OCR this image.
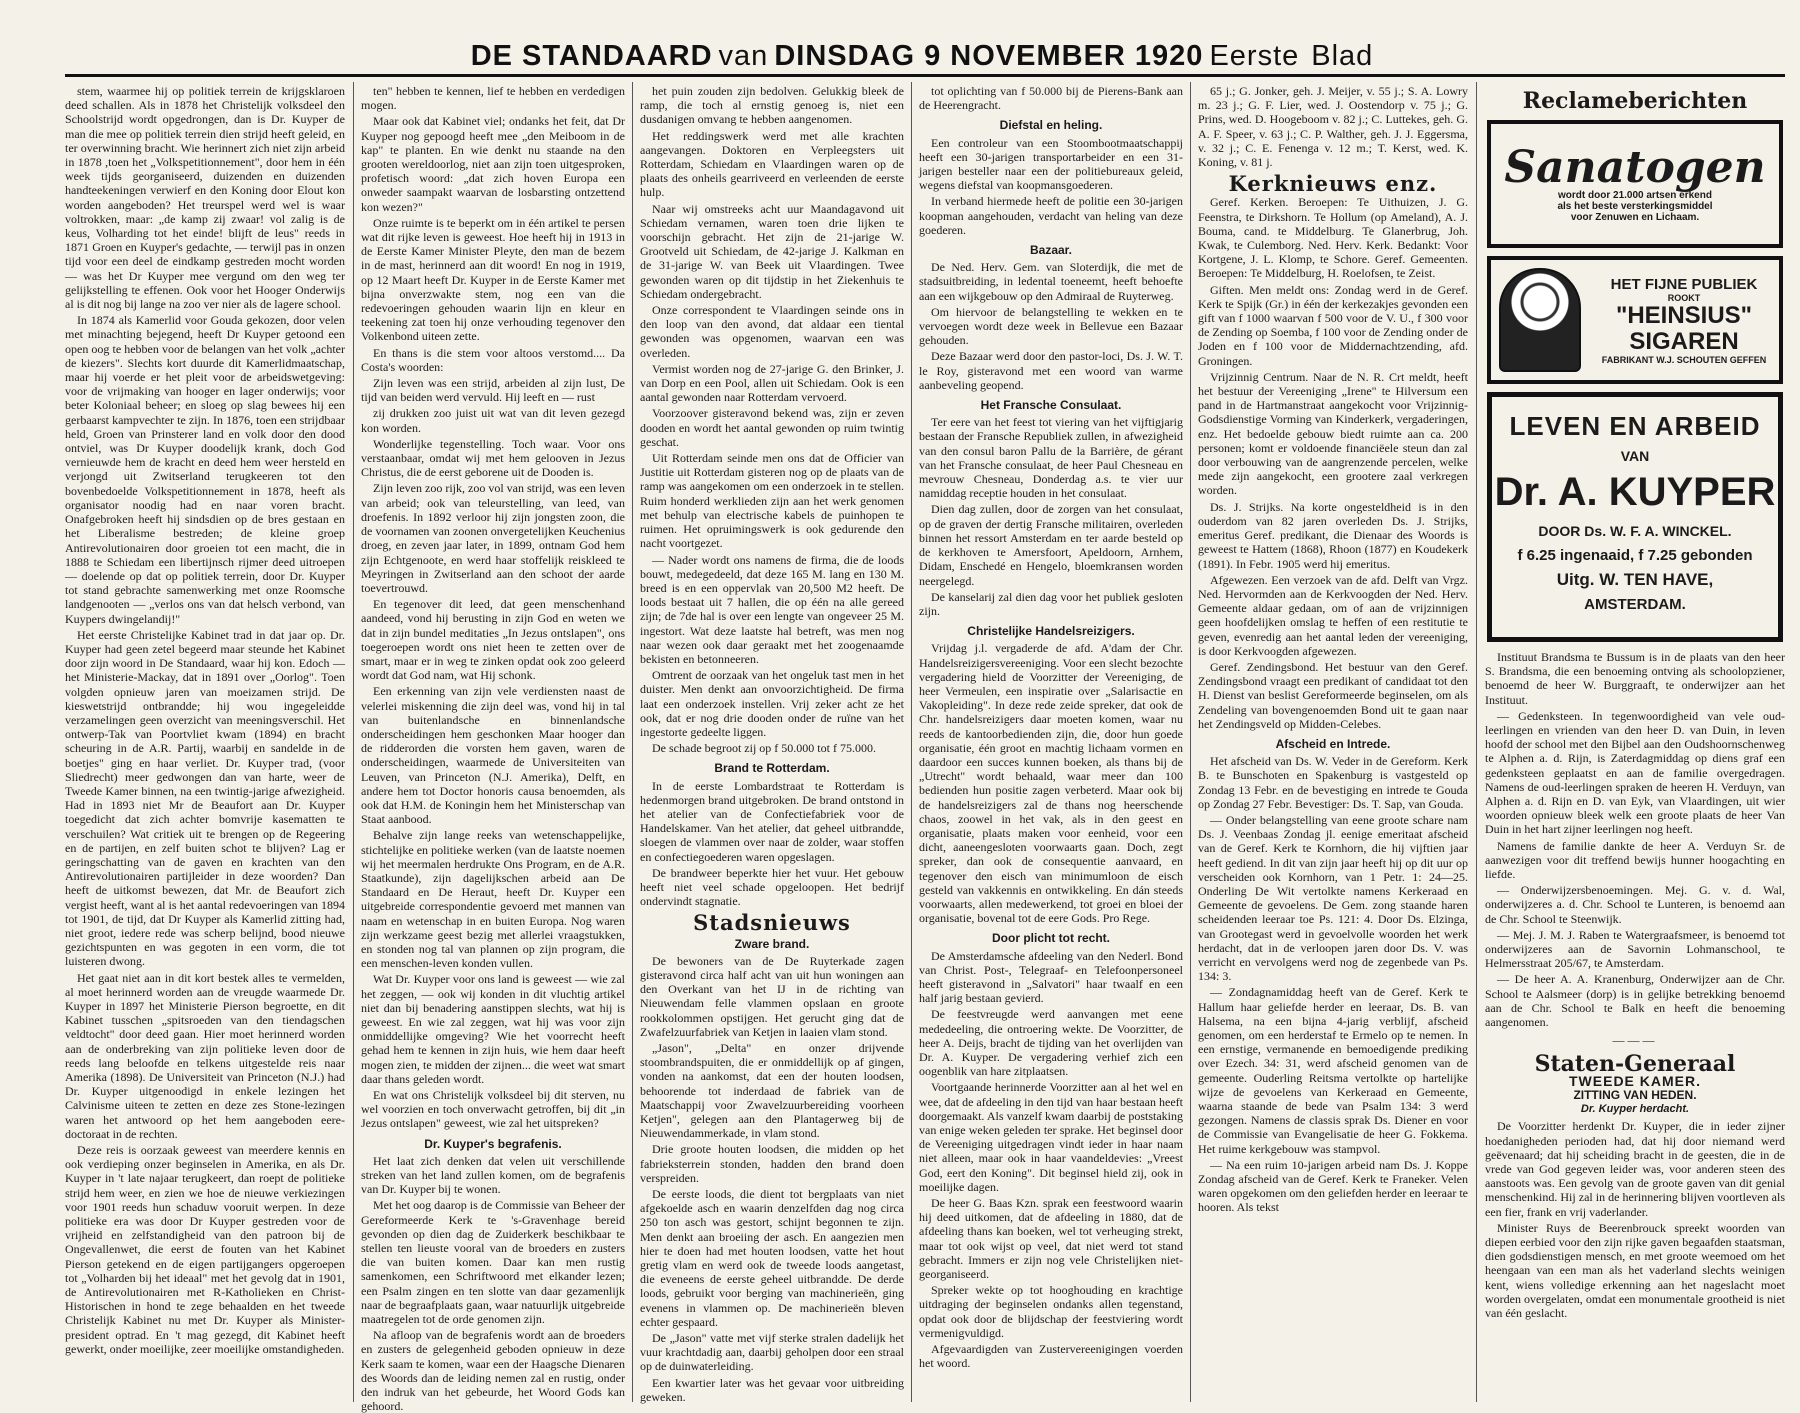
DE STANDAARD van DINSDAG 9 NOVEMBER 1920 Eerste Blad

stem, waarmee hij op politiek terrein de krijgsklaroen deed schallen. Als in 1878 het Christelijk volksdeel den Schoolstrijd wordt opgedrongen, dan is Dr. Kuyper de man die mee op politiek terrein dien strijd heeft geleid, en ter overwinning bracht. Wie herinnert zich niet zijn arbeid in 1878 ,toen het „Volkspetitionnement", door hem in één week tijds georganiseerd, duizenden en duizenden handteekeningen verwierf en den Koning door Elout kon worden aangeboden? Het treurspel werd wel is waar voltrokken, maar: „de kamp zij zwaar! vol zalig is de keus, Volharding tot het einde! blijft de leus" reeds in 1871 Groen en Kuyper's gedachte, — terwijl pas in onzen tijd voor een deel de eindkamp gestreden mocht worden — was het Dr Kuyper mee vergund om den weg ter gelijkstelling te effenen. Ook voor het Hooger Onderwijs al is dit nog bij lange na zoo ver nier als de lagere school.

In 1874 als Kamerlid voor Gouda gekozen, door velen met minachting bejegend, heeft Dr Kuyper getoond een open oog te hebben voor de belangen van het volk „achter de kiezers". Slechts kort duurde dit Kamerlidmaatschap, maar hij voerde er het pleit voor de arbeidswetgeving: voor de vrijmaking van hooger en lager onderwijs; voor beter Koloniaal beheer; en sloeg op slag bewees hij een gerbaarst kampvechter te zijn. In 1876, toen een strijdbaar held, Groen van Prinsterer land en volk door den dood ontviel, was Dr Kuyper doodelijk krank, doch God vernieuwde hem de kracht en deed hem weer hersteld en verjongd uit Zwitserland terugkeeren tot den bovenbedoelde Volkspetitionnement in 1878, heeft als organisator noodig had en naar voren bracht. Onafgebroken heeft hij sindsdien op de bres gestaan en het Liberalisme bestreden; de kleine groep Antirevolutionairen door groeien tot een macht, die in 1888 te Schiedam een libertijnsch rijmer deed uitroepen — doelende op dat op politiek terrein, door Dr. Kuyper tot stand gebrachte samenwerking met onze Roomsche landgenooten — „verlos ons van dat helsch verbond, van Kuypers dwingelandij!"

Het eerste Christelijke Kabinet trad in dat jaar op. Dr. Kuyper had geen zetel begeerd maar steunde het Kabinet door zijn woord in De Standaard, waar hij kon. Edoch — het Ministerie-Mackay, dat in 1891 over „Oorlog". Toen volgden opnieuw jaren van moeizamen strijd. De kieswetstrijd ontbrandde; hij wou ingegeleidde verzamelingen geen overzicht van meeningsverschil. Het ontwerp-Tak van Poortvliet kwam (1894) en bracht scheuring in de A.R. Partij, waarbij en sandelde in de boetjes" ging en haar verliet. Dr. Kuyper trad, (voor Sliedrecht) meer gedwongen dan van harte, weer de Tweede Kamer binnen, na een twintig-jarige afwezigheid. Had in 1893 niet Mr de Beaufort aan Dr. Kuyper toegedicht dat zich achter bomvrije kasematten te verschuilen? Wat critiek uit te brengen op de Regeering en de partijen, en zelf buiten schot te blijven? Lag er geringschatting van de gaven en krachten van den Antirevolutionairen partijleider in deze woorden? Dan heeft de uitkomst bewezen, dat Mr. de Beaufort zich vergist heeft, want al is het aantal redevoeringen van 1894 tot 1901, de tijd, dat Dr Kuyper als Kamerlid zitting had, niet groot, iedere rede was scherp belijnd, bood nieuwe gezichtspunten en was gegoten in een vorm, die tot luisteren dwong.

Het gaat niet aan in dit kort bestek alles te vermelden, al moet herinnerd worden aan de vreugde waarmede Dr. Kuyper in 1897 het Ministerie Pierson begroette, en dit Kabinet tusschen „spitsroeden van den tiendagschen veldtocht" door deed gaan. Hier moet herinnerd worden aan de onderbreking van zijn politieke leven door de reeds lang beloofde en telkens uitgestelde reis naar Amerika (1898). De Universiteit van Princeton (N.J.) had Dr. Kuyper uitgenoodigd in enkele lezingen het Calvinisme uiteen te zetten en deze zes Stone-lezingen waren het antwoord op het hem aangeboden eere-doctoraat in de rechten.

Deze reis is oorzaak geweest van meerdere kennis en ook verdieping onzer beginselen in Amerika, en als Dr. Kuyper in 't late najaar terugkeert, dan roept de politieke strijd hem weer, en zien we hoe de nieuwe verkiezingen voor 1901 reeds hun schaduw vooruit werpen. In deze politieke era was door Dr Kuyper gestreden voor de vrijheid en zelfstandigheid van den patroon bij de Ongevallenwet, die eerst de fouten van het Kabinet Pierson getekend en de eigen partijgangers opgeroepen tot „Volharden bij het ideaal" met het gevolg dat in 1901, de Antirevolutionairen met R-Katholieken en Christ-Historischen in hond te zege behaalden en het tweede Christelijk Kabinet nu met Dr. Kuyper als Minister-president optrad. En 't mag gezegd, dit Kabinet heeft gewerkt, onder moeilijke, zeer moeilijke omstandigheden.

ten" hebben te kennen, lief te hebben en verdedigen mogen.

Maar ook dat Kabinet viel; ondanks het feit, dat Dr Kuyper nog gepoogd heeft mee „den Meiboom in de kap" te planten. En wie denkt nu staande na den grooten wereldoorlog, niet aan zijn toen uitgesproken, profetisch woord: „dat zich hoven Europa een onweder saampakt waarvan de losbarsting ontzettend kon wezen?"

Onze ruimte is te beperkt om in één artikel te persen wat dit rijke leven is geweest. Hoe heeft hij in 1913 in de Eerste Kamer Minister Pleyte, den man de bezem in de mast, herinnerd aan dit woord! En nog in 1919, op 12 Maart heeft Dr. Kuyper in de Eerste Kamer met bijna onverzwakte stem, nog een van die redevoeringen gehouden waarin lijn en kleur en teekening zat toen hij onze verhouding tegenover den Volkenbond uiteen zette.

En thans is die stem voor altoos verstomd.... Da Costa's woorden:

Zijn leven was een strijd, arbeiden al zijn lust, De tijd van beiden werd vervuld. Hij leeft en — rust

zij drukken zoo juist uit wat van dit leven gezegd kon worden.

Wonderlijke tegenstelling. Toch waar. Voor ons verstaanbaar, omdat wij met hem gelooven in Jezus Christus, die de eerst geborene uit de Dooden is.

Zijn leven zoo rijk, zoo vol van strijd, was een leven van arbeid; ook van teleurstelling, van leed, van droefenis. In 1892 verloor hij zijn jongsten zoon, die de voornamen van zoonen onvergetelijken Keuchenius droeg, en zeven jaar later, in 1899, ontnam God hem zijn Echtgenoote, en werd haar stoffelijk reiskleed te Meyringen in Zwitserland aan den schoot der aarde toevertrouwd.

En tegenover dit leed, dat geen menschenhand aandeed, vond hij berusting in zijn God en weten we dat in zijn bundel meditaties „In Jezus ontslapen", ons toegeroepen wordt ons niet heen te zetten over de smart, maar er in weg te zinken opdat ook zoo geleerd wordt dat God nam, wat Hij schonk.

Een erkenning van zijn vele verdiensten naast de velerlei miskenning die zijn deel was, vond hij in tal van buitenlandsche en binnenlandsche onderscheidingen hem geschonken Maar hooger dan de ridderorden die vorsten hem gaven, waren de onderscheidingen, waarmede de Universiteiten van Leuven, van Princeton (N.J. Amerika), Delft, en andere hem tot Doctor honoris causa benoemden, als ook dat H.M. de Koningin hem het Ministerschap van Staat aanbood.

Behalve zijn lange reeks van wetenschappelijke, stichtelijke en politieke werken (van de laatste noemen wij het meermalen herdrukte Ons Program, en de A.R. Staatkunde), zijn dagelijkschen arbeid aan De Standaard en De Heraut, heeft Dr. Kuyper een uitgebreide correspondentie gevoerd met mannen van naam en wetenschap in en buiten Europa. Nog waren zijn werkzame geest bezig met allerlei vraagstukken, en stonden nog tal van plannen op zijn program, die een menschen-leven konden vullen.

Wat Dr. Kuyper voor ons land is geweest — wie zal het zeggen, — ook wij konden in dit vluchtig artikel niet dan bij benadering aanstippen slechts, wat hij is geweest. En wie zal zeggen, wat hij was voor zijn onmiddellijke omgeving? Wie het voorrecht heeft gehad hem te kennen in zijn huis, wie hem daar heeft mogen zien, te midden der zijnen... die weet wat smart daar thans geleden wordt.

En wat ons Christelijk volksdeel bij dit sterven, nu wel voorzien en toch onverwacht getroffen, bij dit „in Jezus ontslapen" geweest, wie zal het uitspreken?

Dr. Kuyper's begrafenis.

Het laat zich denken dat velen uit verschillende streken van het land zullen komen, om de begrafenis van Dr. Kuyper bij te wonen.

Met het oog daarop is de Commissie van Beheer der Gereformeerde Kerk te 's-Gravenhage bereid gevonden op dien dag de Zuiderkerk beschikbaar te stellen ten lieuste vooral van de broeders en zusters die van buiten komen. Daar kan men rustig samenkomen, een Schriftwoord met elkander lezen; een Psalm zingen en ten slotte van daar gezamenlijk naar de begraafplaats gaan, waar natuurlijk uitgebreide maatregelen tot de orde genomen zijn.

Na afloop van de begrafenis wordt aan de broeders en zusters de gelegenheid geboden opnieuw in deze Kerk saam te komen, waar een der Haagsche Dienaren des Woords dan de leiding nemen zal en rustig, onder den indruk van het gebeurde, het Woord Gods kan gehoord.

het puin zouden zijn bedolven. Gelukkig bleek de ramp, die toch al ernstig genoeg is, niet een dusdanigen omvang te hebben aangenomen.

Het reddingswerk werd met alle krachten aangevangen. Doktoren en Verpleegsters uit Rotterdam, Schiedam en Vlaardingen waren op de plaats des onheils gearriveerd en verleenden de eerste hulp.

Naar wij omstreeks acht uur Maandagavond uit Schiedam vernamen, waren toen drie lijken te voorschijn gebracht. Het zijn de 21-jarige W. Grootveld uit Schiedam, de 42-jarige J. Kalkman en de 31-jarige W. van Beek uit Vlaardingen. Twee gewonden waren op dit tijdstip in het Ziekenhuis te Schiedam ondergebracht.

Onze correspondent te Vlaardingen seinde ons in den loop van den avond, dat aldaar een tiental gewonden was opgenomen, waarvan een was overleden.

Vermist worden nog de 27-jarige G. den Brinker, J. van Dorp en een Pool, allen uit Schiedam. Ook is een aantal gewonden naar Rotterdam vervoerd.

Voorzoover gisteravond bekend was, zijn er zeven dooden en wordt het aantal gewonden op ruim twintig geschat.

Uit Rotterdam seinde men ons dat de Officier van Justitie uit Rotterdam gisteren nog op de plaats van de ramp was aangekomen om een onderzoek in te stellen. Ruim honderd werklieden zijn aan het werk genomen met behulp van electrische kabels de puinhopen te ruimen. Het opruimingswerk is ook gedurende den nacht voortgezet.

— Nader wordt ons namens de firma, die de loods bouwt, medegedeeld, dat deze 165 M. lang en 130 M. breed is en een oppervlak van 20,500 M2 heeft. De loods bestaat uit 7 hallen, die op één na alle gereed zijn; de 7de hal is over een lengte van ongeveer 25 M. ingestort. Wat deze laatste hal betreft, was men nog naar wezen ook daar geraakt met het zoogenaamde bekisten en betonneeren.

Omtrent de oorzaak van het ongeluk tast men in het duister. Men denkt aan onvoorzichtigheid. De firma laat een onderzoek instellen. Vrij zeker acht ze het ook, dat er nog drie dooden onder de ruïne van het ingestorte gedeelte liggen.

De schade begroot zij op f 50.000 tot f 75.000.

Brand te Rotterdam.

In de eerste Lombardstraat te Rotterdam is hedenmorgen brand uitgebroken. De brand ontstond in het atelier van de Confectiefabriek voor de Handelskamer. Van het atelier, dat geheel uitbrandde, sloegen de vlammen over naar de zolder, waar stoffen en confectiegoederen waren opgeslagen.

De brandweer beperkte hier het vuur. Het gebouw heeft niet veel schade opgeloopen. Het bedrijf ondervindt stagnatie.

Stadsnieuws
Zware brand.

De bewoners van de De Ruyterkade zagen gisteravond circa half acht van uit hun woningen aan den Overkant van het IJ in de richting van Nieuwendam felle vlammen opslaan en groote rookkolommen opstijgen. Het gerucht ging dat de Zwafelzuurfabriek van Ketjen in laaien vlam stond.

„Jason", „Delta" en onzer drijvende stoombrandspuiten, die er onmiddellijk op af gingen, vonden na aankomst, dat een der houten loodsen, behoorende tot inderdaad de fabriek van de Maatschappij voor Zwavelzuurbereiding voorheen Ketjen", gelegen aan den Plantagerweg bij de Nieuwendammerkade, in vlam stond.

Drie groote houten loodsen, die midden op het fabrieksterrein stonden, hadden den brand doen verspreiden.

De eerste loods, die dient tot bergplaats van niet afgekoelde asch en waarin denzelfden dag nog circa 250 ton asch was gestort, schijnt begonnen te zijn. Men denkt aan broeiing der asch. En aangezien men hier te doen had met houten loodsen, vatte het hout gretig vlam en werd ook de tweede loods aangetast, die eveneens de eerste geheel uitbrandde. De derde loods, gebruikt voor berging van machinerieën, ging evenens in vlammen op. De machinerieën bleven echter gespaard.

De „Jason" vatte met vijf sterke stralen dadelijk het vuur krachtdadig aan, daarbij geholpen door een straal op de duinwaterleiding.

Een kwartier later was het gevaar voor uitbreiding geweken.

tot oplichting van f 50.000 bij de Pierens-Bank aan de Heerengracht.

Diefstal en heling.

Een controleur van een Stoombootmaatschappij heeft een 30-jarigen transportarbeider en een 31-jarigen besteller naar een der politiebureaux geleid, wegens diefstal van koopmansgoederen.

In verband hiermede heeft de politie een 30-jarigen koopman aangehouden, verdacht van heling van deze goederen.

Bazaar.

De Ned. Herv. Gem. van Sloterdijk, die met de stadsuitbreiding, in ledental toeneemt, heeft behoefte aan een wijkgebouw op den Admiraal de Ruyterweg.

Om hiervoor de belangstelling te wekken en te vervoegen wordt deze week in Bellevue een Bazaar gehouden.

Deze Bazaar werd door den pastor-loci, Ds. J. W. T. le Roy, gisteravond met een woord van warme aanbeveling geopend.

Het Fransche Consulaat.

Ter eere van het feest tot viering van het vijftigjarig bestaan der Fransche Republiek zullen, in afwezigheid van den consul baron Pallu de la Barrière, de gérant van het Fransche consulaat, de heer Paul Chesneau en mevrouw Chesneau, Donderdag a.s. te vier uur namiddag receptie houden in het consulaat.

Dien dag zullen, door de zorgen van het consulaat, op de graven der dertig Fransche militairen, overleden binnen het ressort Amsterdam en ter aarde besteld op de kerkhoven te Amersfoort, Apeldoorn, Arnhem, Didam, Enschedé en Hengelo, bloemkransen worden neergelegd.

De kanselarij zal dien dag voor het publiek gesloten zijn.

Christelijke Handelsreizigers.

Vrijdag j.l. vergaderde de afd. A'dam der Chr. Handelsreizigersvereeniging. Voor een slecht bezochte vergadering hield de Voorzitter der Vereeniging, de heer Vermeulen, een inspiratie over „Salarisactie en Vakopleiding". In deze rede zeide spreker, dat ook de Chr. handelsreizigers daar moeten komen, waar nu reeds de kantoorbedienden zijn, die, door hun goede organisatie, één groot en machtig lichaam vormen en daardoor een succes kunnen boeken, als thans bij de „Utrecht" wordt behaald, waar meer dan 100 bedienden hun positie zagen verbeterd. Maar ook bij de handelsreizigers zal de thans nog heerschende chaos, zoowel in het vak, als in den geest en organisatie, plaats maken voor eenheid, voor een dicht, aaneengesloten voorwaarts gaan. Doch, zegt spreker, dan ook de consequentie aanvaard, en tegenover den eisch van minimumloon de eisch gesteld van vakkennis en ontwikkeling. En dán steeds voorwaarts, allen medewerkend, tot groei en bloei der organisatie, bovenal tot de eere Gods. Pro Rege.

Door plicht tot recht.

De Amsterdamsche afdeeling van den Nederl. Bond van Christ. Post-, Telegraaf- en Telefoonpersoneel heeft gisteravond in „Salvatori" haar twaalf en een half jarig bestaan gevierd.

De feestvreugde werd aanvangen met eene mededeeling, die ontroering wekte. De Voorzitter, de heer A. Deijs, bracht de tijding van het overlijden van Dr. A. Kuyper. De vergadering verhief zich een oogenblik van hare zitplaatsen.

Voortgaande herinnerde Voorzitter aan al het wel en wee, dat de afdeeling in den tijd van haar bestaan heeft doorgemaakt. Als vanzelf kwam daarbij de poststaking van enige weken geleden ter sprake. Het beginsel door de Vereeniging uitgedragen vindt ieder in haar naam niet alleen, maar ook in haar vaandeldevies: „Vreest God, eert den Koning". Dit beginsel hield zij, ook in moeilijke dagen.

De heer G. Baas Kzn. sprak een feestwoord waarin hij deed uitkomen, dat de afdeeling in 1880, dat de afdeeling thans kan boeken, wel tot verheuging strekt, maar tot ook wijst op veel, dat niet werd tot stand gebracht. Immers er zijn nog vele Christelijken niet-georganiseerd.

Spreker wekte op tot hooghouding en krachtige uitdraging der beginselen ondanks allen tegenstand, opdat ook door de blijdschap der feestviering wordt vermenigvuldigd.

Afgevaardigden van Zustervereenigingen voerden het woord.

65 j.; G. Jonker, geh. J. Meijer, v. 55 j.; S. A. Lowry m. 23 j.; G. F. Lier, wed. J. Oostendorp v. 75 j.; G. Prins, wed. D. Hoogeboom v. 82 j.; C. Luttekes, geh. G. A. F. Speer, v. 63 j.; C. P. Walther, geh. J. J. Eggersma, v. 32 j.; C. E. Fenenga v. 12 m.; T. Kerst, wed. K. Koning, v. 81 j.

Kerknieuws enz.

Geref. Kerken. Beroepen: Te Uithuizen, J. G. Feenstra, te Dirkshorn. Te Hollum (op Ameland), A. J. Bouma, cand. te Middelburg. Te Glanerbrug, Joh. Kwak, te Culemborg. Ned. Herv. Kerk. Bedankt: Voor Kortgene, J. L. Klomp, te Schore. Geref. Gemeenten. Beroepen: Te Middelburg, H. Roelofsen, te Zeist.

Giften. Men meldt ons: Zondag werd in de Geref. Kerk te Spijk (Gr.) in één der kerkezakjes gevonden een gift van f 1000 waarvan f 500 voor de V. U., f 300 voor de Zending op Soemba, f 100 voor de Zending onder de Joden en f 100 voor de Middernachtzending, afd. Groningen.

Vrijzinnig Centrum. Naar de N. R. Crt meldt, heeft het bestuur der Vereeniging „Irene" te Hilversum een pand in de Hartmanstraat aangekocht voor Vrijzinnig-Godsdienstige Vorming van Kinderkerk, vergaderingen, enz. Het bedoelde gebouw biedt ruimte aan ca. 200 personen; komt er voldoende financiëele steun dan zal door verbouwing van de aangrenzende percelen, welke mede zijn aangekocht, een grootere zaal verkregen worden.

Ds. J. Strijks. Na korte ongesteldheid is in den ouderdom van 82 jaren overleden Ds. J. Strijks, emeritus Geref. predikant, die Dienaar des Woords is geweest te Hattem (1868), Rhoon (1877) en Koudekerk (1891). In Febr. 1905 werd hij emeritus.

Afgewezen. Een verzoek van de afd. Delft van Vrgz. Ned. Hervormden aan de Kerkvoogden der Ned. Herv. Gemeente aldaar gedaan, om of aan de vrijzinnigen geen hoofdelijken omslag te heffen of een restitutie te geven, evenredig aan het aantal leden der vereeniging, is door Kerkvoogden afgewezen.

Geref. Zendingsbond. Het bestuur van den Geref. Zendingsbond vraagt een predikant of candidaat tot den H. Dienst van beslist Gereformeerde beginselen, om als Zendeling van bovengenoemden Bond uit te gaan naar het Zendingsveld op Midden-Celebes.

Afscheid en Intrede.

Het afscheid van Ds. W. Veder in de Gereform. Kerk B. te Bunschoten en Spakenburg is vastgesteld op Zondag 13 Febr. en de bevestiging en intrede te Gouda op Zondag 27 Febr. Bevestiger: Ds. T. Sap, van Gouda.

— Onder belangstelling van eene groote schare nam Ds. J. Veenbaas Zondag jl. eenige emeritaat afscheid van de Geref. Kerk te Kornhorn, die hij vijftien jaar heeft gediend. In dit van zijn jaar heeft hij op dit uur op verscheiden ook Kornhorn, van 1 Petr. 1: 24—25. Onderling De Wit vertolkte namens Kerkeraad en Gemeente de gevoelens. De Gem. zong staande haren scheidenden leeraar toe Ps. 121: 4. Door Ds. Elzinga, van Grootegast werd in gevoelvolle woorden het werk herdacht, dat in de verloopen jaren door Ds. V. was verricht en vervolgens werd nog de zegenbede van Ps. 134: 3.

— Zondagnamiddag heeft van de Geref. Kerk te Hallum haar geliefde herder en leeraar, Ds. B. van Halsema, na een bijna 4-jarig verblijf, afscheid genomen, om een herderstaf te Ermelo op te nemen. In een ernstige, vermanende en bemoedigende prediking over Ezech. 34: 31, werd afscheid genomen van de gemeente. Ouderling Reitsma vertolkte op hartelijke wijze de gevoelens van Kerkeraad en Gemeente, waarna staande de bede van Psalm 134: 3 werd gezongen. Namens de classis sprak Ds. Diener en voor de Commissie van Evangelisatie de heer G. Fokkema. Het ruime kerkgebouw was stampvol.

— Na een ruim 10-jarigen arbeid nam Ds. J. Koppe Zondag afscheid van de Geref. Kerk te Franeker. Velen waren opgekomen om den geliefden herder en leeraar te hooren. Als tekst

Reclameberichten
Sanatogen
wordt door 21.000 artsen erkend
als het beste versterkingsmiddel
voor Zenuwen en Lichaam.
HET FIJNE PUBLIEK
ROOKT
"HEINSIUS"
SIGAREN
FABRIKANT W.J. SCHOUTEN GEFFEN
LEVEN EN ARBEID
VAN
Dr. A. KUYPER
DOOR Ds. W. F. A. WINCKEL.
f 6.25 ingenaaid, f 7.25 gebonden
Uitg. W. TEN HAVE,
AMSTERDAM.

Instituut Brandsma te Bussum is in de plaats van den heer S. Brandsma, die een benoeming ontving als schoolopziener, benoemd de heer W. Burggraaft, te onderwijzer aan het Instituut.

— Gedenksteen. In tegenwoordigheid van vele oud-leerlingen en vrienden van den heer D. van Duin, in leven hoofd der school met den Bijbel aan den Oudshoornschenweg te Alphen a. d. Rijn, is Zaterdagmiddag op diens graf een gedenksteen geplaatst en aan de familie overgedragen. Namens de oud-leerlingen spraken de heeren H. Verduyn, van Alphen a. d. Rijn en D. van Eyk, van Vlaardingen, uit wier woorden opnieuw bleek welk een groote plaats de heer Van Duin in het hart zijner leerlingen nog heeft.

Namens de familie dankte de heer A. Verduyn Sr. de aanwezigen voor dit treffend bewijs hunner hoogachting en liefde.

— Onderwijzersbenoemingen. Mej. G. v. d. Wal, onderwijzeres a. d. Chr. School te Lunteren, is benoemd aan de Chr. School te Steenwijk.

— Mej. J. M. J. Raben te Watergraafsmeer, is benoemd tot onderwijzeres aan de Savornin Lohmanschool, te Helmersstraat 205/67, te Amsterdam.

— De heer A. A. Kranenburg, Onderwijzer aan de Chr. School te Aalsmeer (dorp) is in gelijke betrekking benoemd aan de Chr. School te Balk en heeft die benoeming aangenomen.

———
Staten-Generaal
TWEEDE KAMER.
ZITTING VAN HEDEN.
Dr. Kuyper herdacht.

De Voorzitter herdenkt Dr. Kuyper, die in ieder zijner hoedanigheden perioden had, dat hij door niemand werd geëvenaard; dat hij scheiding bracht in de geesten, die in de vrede van God gegeven leider was, voor anderen steen des aanstoots was. Een gevolg van de groote gaven van dit genial menschenkind. Hij zal in de herinnering blijven voortleven als een fier, frank en vrij vaderlander.

Minister Ruys de Beerenbrouck spreekt woorden van diepen eerbied voor den zijn rijke gaven begaafden staatsman, dien godsdienstigen mensch, en met groote weemoed om het heengaan van een man als het vaderland slechts weinigen kent, wiens volledige erkenning aan het nageslacht moet worden overgelaten, omdat een monumentale grootheid is niet van één geslacht.
